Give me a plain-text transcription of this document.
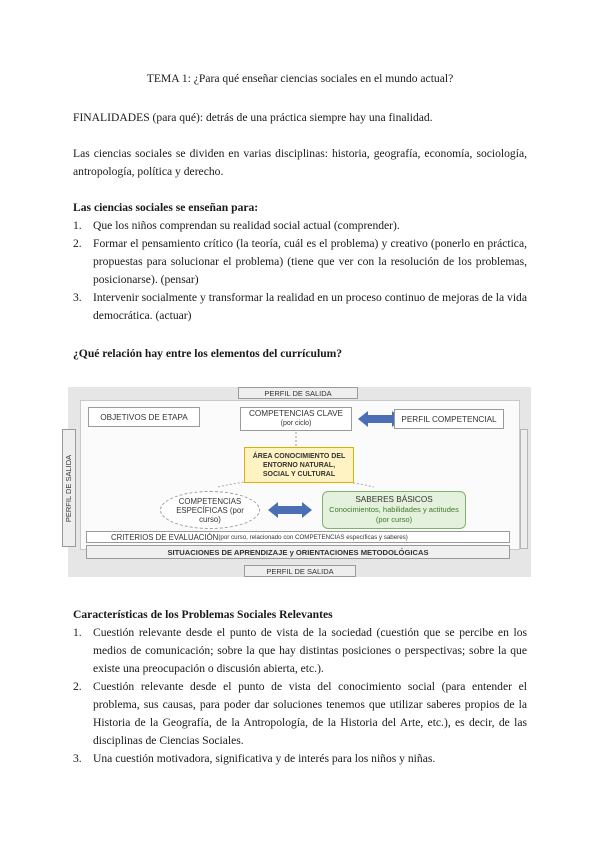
TEMA 1: ¿Para qué enseñar ciencias sociales en el mundo actual?
FINALIDADES (para qué): detrás de una práctica siempre hay una finalidad.
Las ciencias sociales se dividen en varias disciplinas: historia, geografía, economía, sociología, antropología, política y derecho.
Las ciencias sociales se enseñan para:
1. Que los niños comprendan su realidad social actual (comprender).
2. Formar el pensamiento crítico (la teoría, cuál es el problema) y creativo (ponerlo en práctica, propuestas para solucionar el problema) (tiene que ver con la resolución de los problemas, posicionarse). (pensar)
3. Intervenir socialmente y transformar la realidad en un proceso continuo de mejoras de la vida democrática. (actuar)
¿Qué relación hay entre los elementos del currículum?
PERFIL DE SALIDA
PERFIL DE SALIDA
OBJETIVOS DE ETAPA	COMPETENCIAS CLAVE
(por ciclo)	PERFIL COMPETENCIAL
ÁREA CONOCIMIENTO DEL ENTORNO NATURAL, SOCIAL Y CULTURAL
COMPETENCIAS ESPECÍFICAS (por curso)
SABERES BÁSICOS
Conocimientos, habilidades y actitudes (por curso)
CRITERIOS DE EVALUACIÓN (por curso, relacionado con COMPETENCIAS específicas y saberes)
SITUACIONES DE APRENDIZAJE y ORIENTACIONES METODOLÓGICAS
PERFIL DE SALIDA
Características de los Problemas Sociales Relevantes
1. Cuestión relevante desde el punto de vista de la sociedad (cuestión que se percibe en los medios de comunicación; sobre la que hay distintas posiciones o perspectivas; sobre la que existe una preocupación o discusión abierta, etc.).
2. Cuestión relevante desde el punto de vista del conocimiento social (para entender el problema, sus causas, para poder dar soluciones tenemos que utilizar saberes propios de la Historia de la Geografía, de la Antropología, de la Historia del Arte, etc.), es decir, de las disciplinas de Ciencias Sociales.
3. Una cuestión motivadora, significativa y de interés para los niños y niñas.
